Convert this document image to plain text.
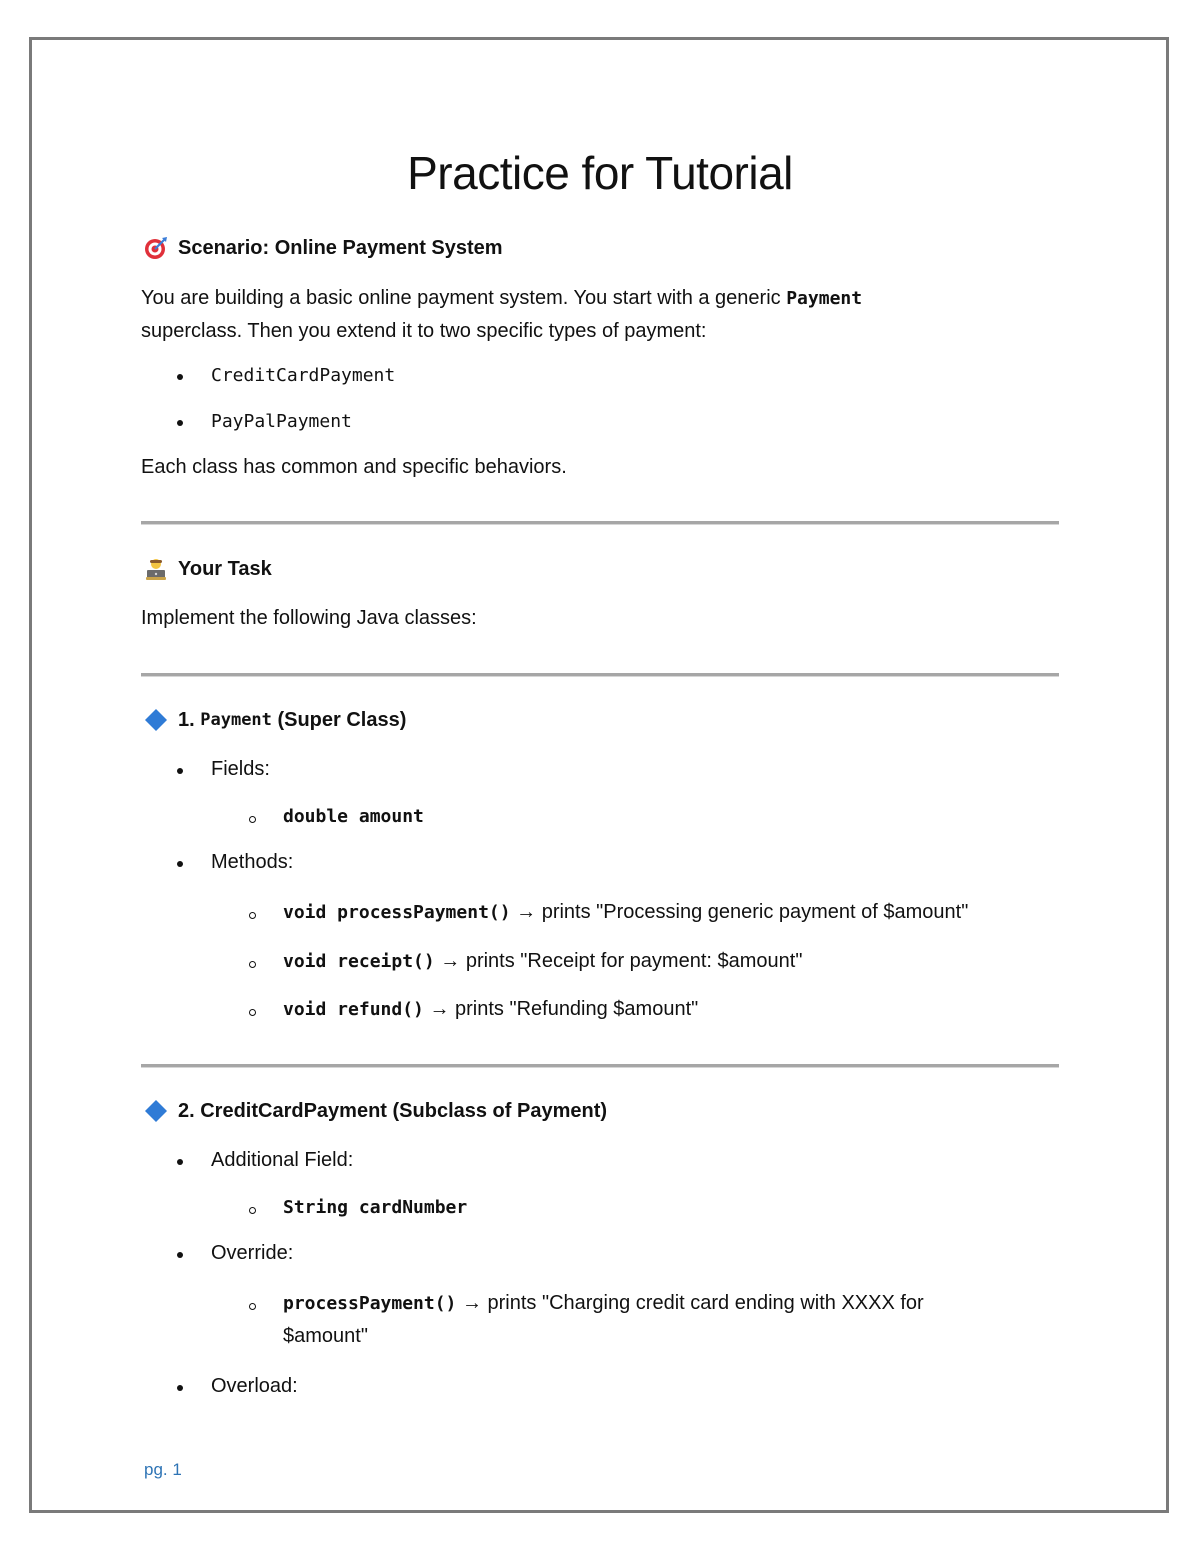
Practice for Tutorial
Scenario: Online Payment System
You are building a basic online payment system. You start with a generic Payment
superclass. Then you extend it to two specific types of payment:
CreditCardPayment
PayPalPayment
Each class has common and specific behaviors.
Your Task
Implement the following Java classes:
1. Payment (Super Class)
Fields:
double amount
Methods:
void processPayment() → prints "Processing generic payment of $amount"
void receipt() → prints "Receipt for payment: $amount"
void refund() → prints "Refunding $amount"
2. CreditCardPayment (Subclass of Payment)
Additional Field:
String cardNumber
Override:
processPayment() → prints "Charging credit card ending with XXXX for
$amount"
Overload:
pg. 1
